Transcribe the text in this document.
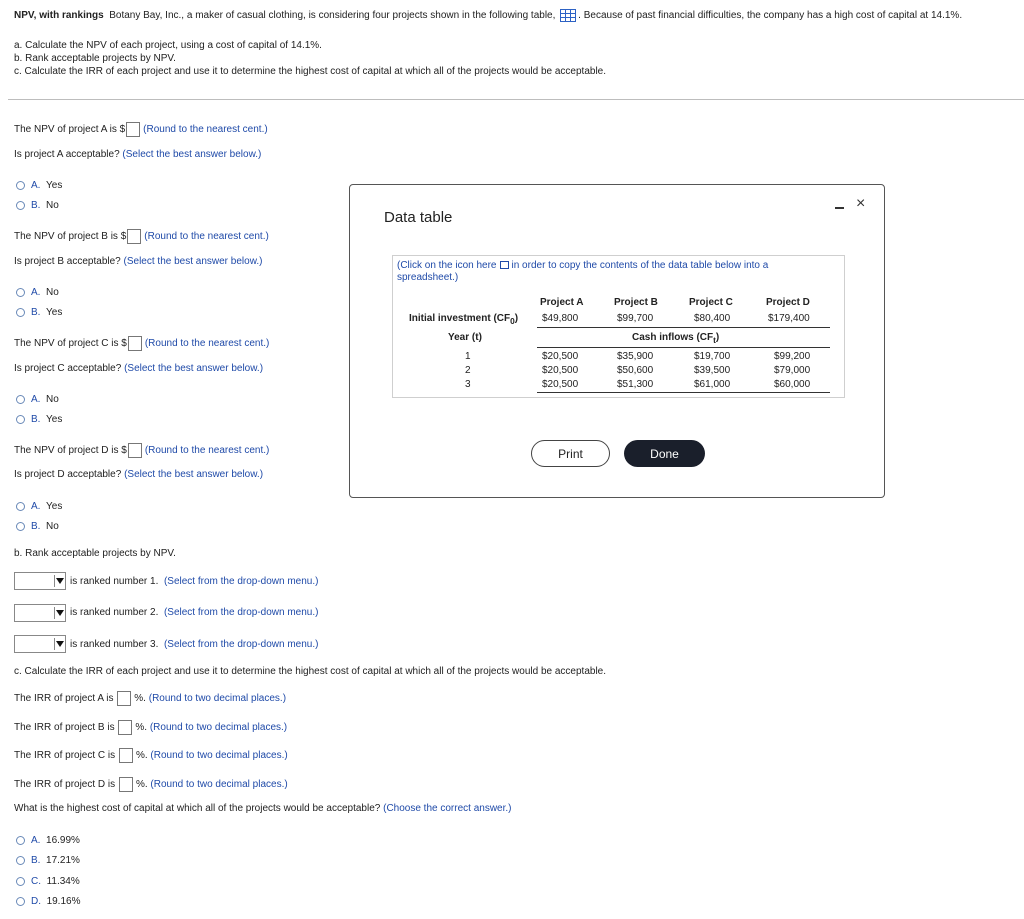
NPV, with rankings Botany Bay, Inc., a maker of casual clothing, is considering four projects shown in the following table, . Because of past financial difficulties, the company has a high cost of capital at 14.1%.
a. Calculate the NPV of each project, using a cost of capital of 14.1%.
b. Rank acceptable projects by NPV.
c. Calculate the IRR of each project and use it to determine the highest cost of capital at which all of the projects would be acceptable.
The NPV of project A is $ (Round to the nearest cent.)
Is project A acceptable? (Select the best answer below.)
A.
Yes
B.
No
The NPV of project B is $ (Round to the nearest cent.)
Is project B acceptable? (Select the best answer below.)
A.
No
B.
Yes
The NPV of project C is $ (Round to the nearest cent.)
Is project C acceptable? (Select the best answer below.)
A.
No
B.
Yes
The NPV of project D is $ (Round to the nearest cent.)
Is project D acceptable? (Select the best answer below.)
A.
Yes
B.
No
b. Rank acceptable projects by NPV.
is ranked number 1. (Select from the drop-down menu.)
is ranked number 2. (Select from the drop-down menu.)
is ranked number 3. (Select from the drop-down menu.)
c. Calculate the IRR of each project and use it to determine the highest cost of capital at which all of the projects would be acceptable.
The IRR of project A is %. (Round to two decimal places.)
The IRR of project B is %. (Round to two decimal places.)
The IRR of project C is %. (Round to two decimal places.)
The IRR of project D is %. (Round to two decimal places.)
What is the highest cost of capital at which all of the projects would be acceptable? (Choose the correct answer.)
A.
16.99%
B.
17.21%
C.
11.34%
D.
19.16%
Data table
×
(Click on the icon here in order to copy the contents of the data table below into a spreadsheet.)
Project A	Project B	Project C	Project D
Initial investment $(CF_0)$ $49,800	$99,700	$80,400	$179,400
Year (t)	Cash inflows $(CF_t)$
1	$20,500	$35,900	$19,700	$99,200
2	$20,500	$50,600	$39,500	$79,000
3	$20,500	$51,300	$61,000	$60,000
Print	Done
